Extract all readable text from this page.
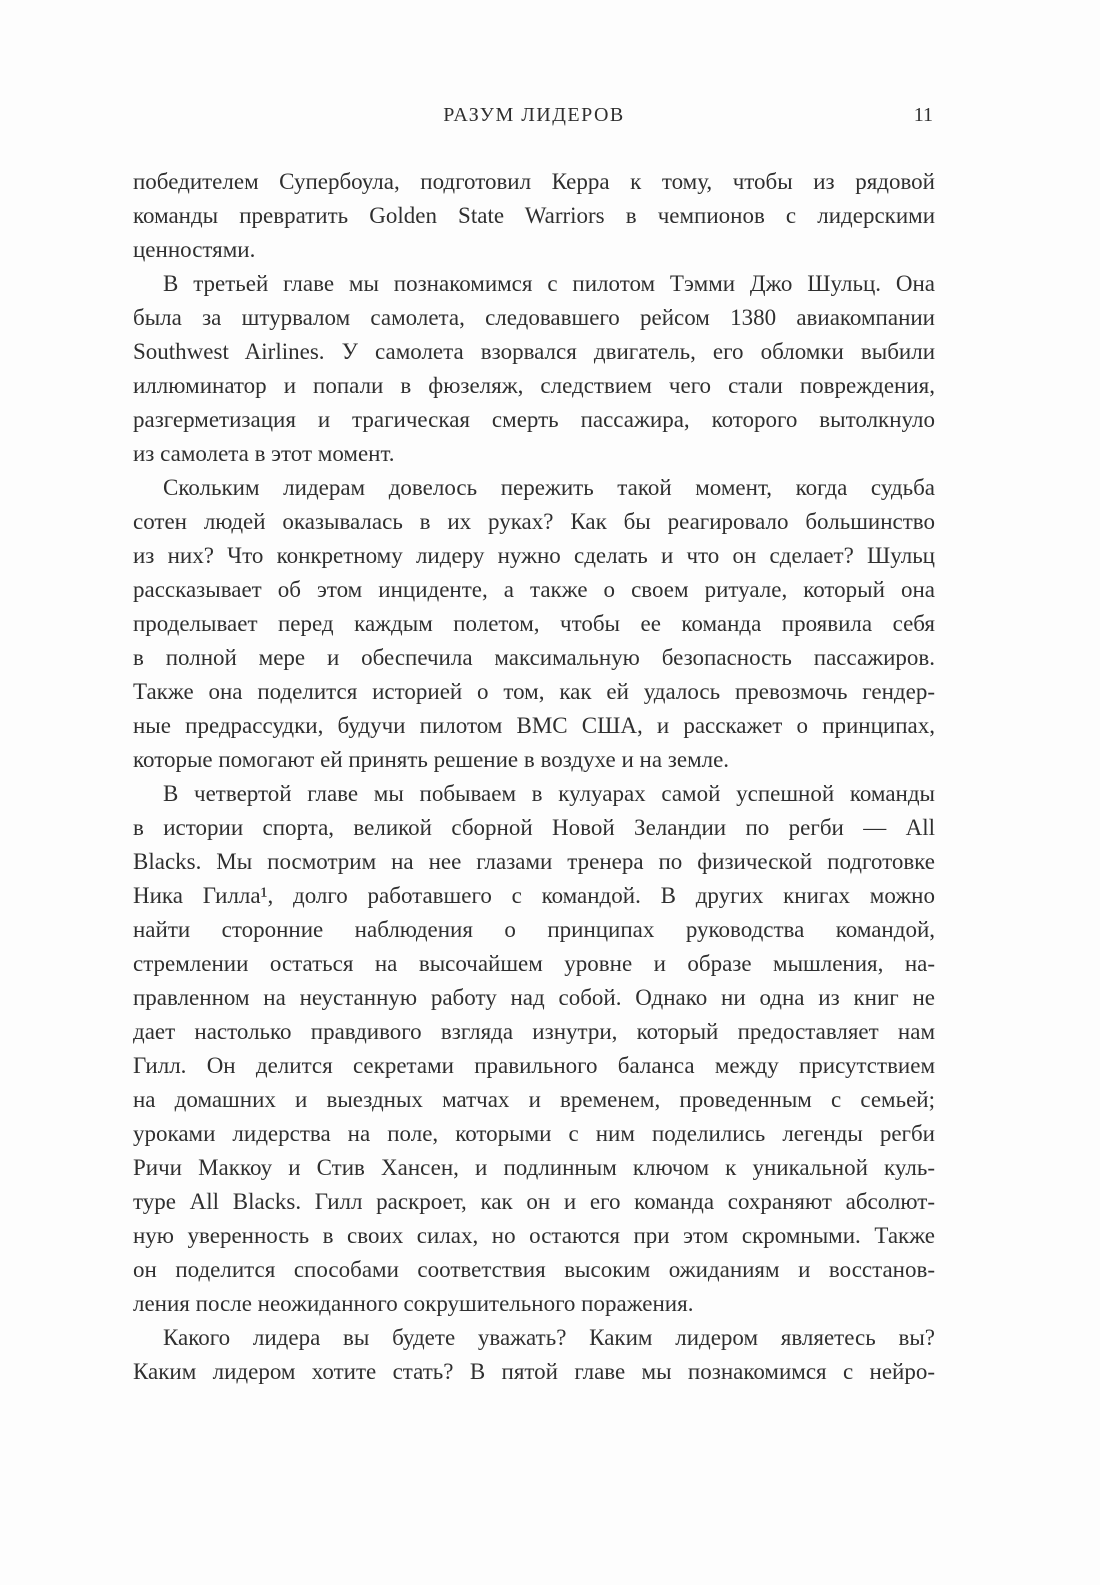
РАЗУМ ЛИДЕРОВ	11
победителем Супербоула, подготовил Керра к тому, чтобы из рядовой
команды превратить Golden State Warriors в чемпионов с лидерскими
ценностями.
В третьей главе мы познакомимся с пилотом Тэмми Джо Шульц. Она
была за штурвалом самолета, следовавшего рейсом 1380 авиакомпании
Southwest Airlines. У самолета взорвался двигатель, его обломки выбили
иллюминатор и попали в фюзеляж, следствием чего стали повреждения,
разгерметизация и трагическая смерть пассажира, которого вытолкнуло
из самолета в этот момент.
Скольким лидерам довелось пережить такой момент, когда судьба
сотен людей оказывалась в их руках? Как бы реагировало большинство
из них? Что конкретному лидеру нужно сделать и что он сделает? Шульц
рассказывает об этом инциденте, а также о своем ритуале, который она
проделывает перед каждым полетом, чтобы ее команда проявила себя
в полной мере и обеспечила максимальную безопасность пассажиров.
Также она поделится историей о том, как ей удалось превозмочь гендер-
ные предрассудки, будучи пилотом ВМС США, и расскажет о принципах,
которые помогают ей принять решение в воздухе и на земле.
В четвертой главе мы побываем в кулуарах самой успешной команды
в истории спорта, великой сборной Новой Зеландии по регби — All
Blacks. Мы посмотрим на нее глазами тренера по физической подготовке
Ника Гилла¹, долго работавшего с командой. В других книгах можно
найти сторонние наблюдения о принципах руководства командой,
стремлении остаться на высочайшем уровне и образе мышления, на-
правленном на неустанную работу над собой. Однако ни одна из книг не
дает настолько правдивого взгляда изнутри, который предоставляет нам
Гилл. Он делится секретами правильного баланса между присутствием
на домашних и выездных матчах и временем, проведенным с семьей;
уроками лидерства на поле, которыми с ним поделились легенды регби
Ричи Маккоу и Стив Хансен, и подлинным ключом к уникальной куль-
туре All Blacks. Гилл раскроет, как он и его команда сохраняют абсолют-
ную уверенность в своих силах, но остаются при этом скромными. Также
он поделится способами соответствия высоким ожиданиям и восстанов-
ления после неожиданного сокрушительного поражения.
Какого лидера вы будете уважать? Каким лидером являетесь вы?
Каким лидером хотите стать? В пятой главе мы познакомимся с нейро-
